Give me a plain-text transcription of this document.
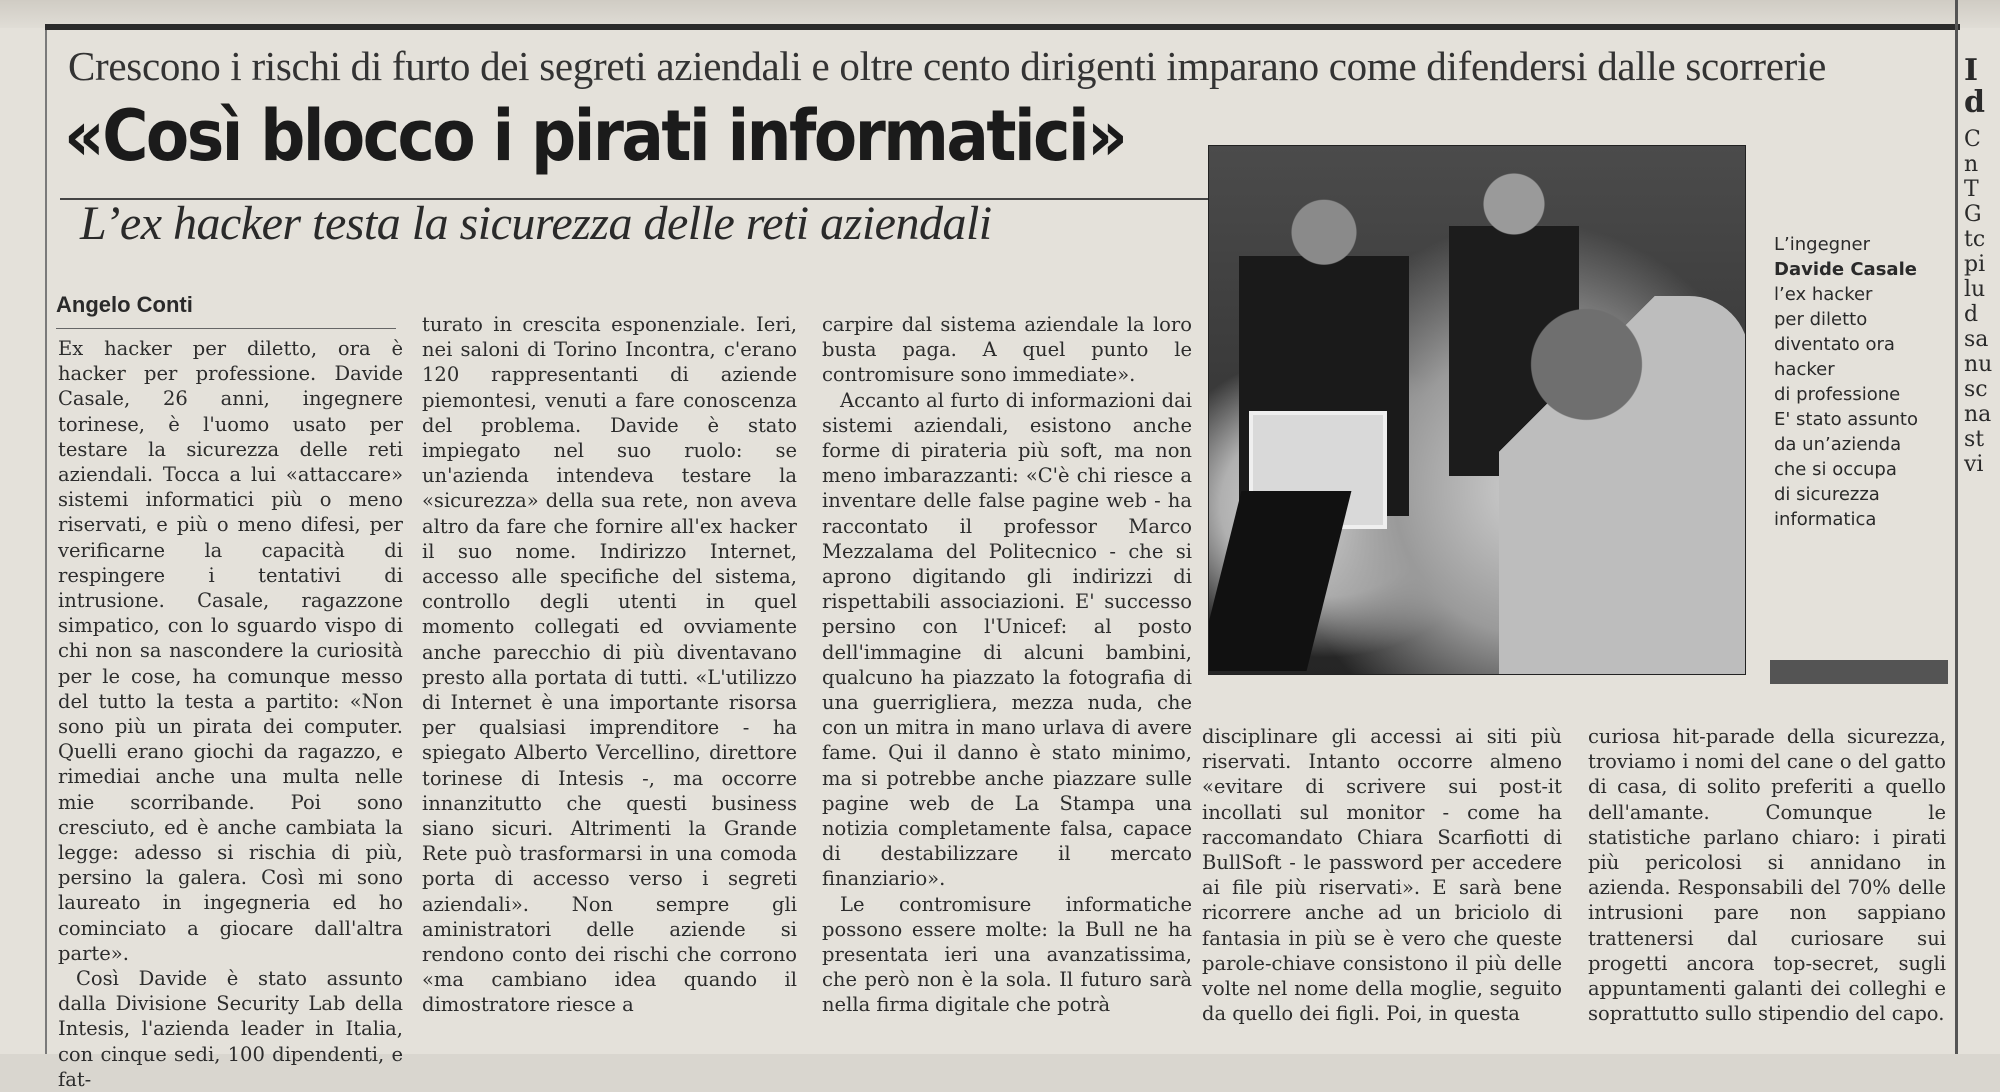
Crescono i rischi di furto dei segreti aziendali e oltre cento dirigenti imparano come difendersi dalle scorrerie
«Così blocco i pirati informatici»
L’ex hacker testa la sicurezza delle reti aziendali
Angelo Conti

Ex hacker per diletto, ora è hacker per professione. Davide Casale, 26 anni, ingegnere torinese, è l'uomo usato per testare la sicurezza delle reti aziendali. Tocca a lui «attaccare» sistemi informatici più o meno riservati, e più o meno difesi, per verificarne la capacità di respingere i tentativi di intrusione. Casale, ragazzone simpatico, con lo sguardo vispo di chi non sa nascondere la curiosità per le cose, ha comunque messo del tutto la testa a partito: «Non sono più un pirata dei computer. Quelli erano giochi da ragazzo, e rimediai anche una multa nelle mie scorribande. Poi sono cresciuto, ed è anche cambiata la legge: adesso si rischia di più, persino la galera. Così mi sono laureato in ingegneria ed ho cominciato a giocare dall'altra parte».

Così Davide è stato assunto dalla Divisione Security Lab della Intesis, l'azienda leader in Italia, con cinque sedi, 100 dipendenti, e fat-

turato in crescita esponenziale. Ieri, nei saloni di Torino Incontra, c'erano 120 rappresentanti di aziende piemontesi, venuti a fare conoscenza del problema. Davide è stato impiegato nel suo ruolo: se un'azienda intendeva testare la «sicurezza» della sua rete, non aveva altro da fare che fornire all'ex hacker il suo nome. Indirizzo Internet, accesso alle specifiche del sistema, controllo degli utenti in quel momento collegati ed ovviamente anche parecchio di più diventavano presto alla portata di tutti. «L'utilizzo di Internet è una importante risorsa per qualsiasi imprenditore - ha spiegato Alberto Vercellino, direttore torinese di Intesis -, ma occorre innanzitutto che questi business siano sicuri. Altrimenti la Grande Rete può trasformarsi in una comoda porta di accesso verso i segreti aziendali». Non sempre gli aministratori delle aziende si rendono conto dei rischi che corrono «ma cambiano idea quando il dimostratore riesce a

carpire dal sistema aziendale la loro busta paga. A quel punto le contromisure sono immediate».

Accanto al furto di informazioni dai sistemi aziendali, esistono anche forme di pirateria più soft, ma non meno imbarazzanti: «C'è chi riesce a inventare delle false pagine web - ha raccontato il professor Marco Mezzalama del Politecnico - che si aprono digitando gli indirizzi di rispettabili associazioni. E' successo persino con l'Unicef: al posto dell'immagine di alcuni bambini, qualcuno ha piazzato la fotografia di una guerrigliera, mezza nuda, che con un mitra in mano urlava di avere fame. Qui il danno è stato minimo, ma si potrebbe anche piazzare sulle pagine web de La Stampa una notizia completamente falsa, capace di destabilizzare il mercato finanziario».

Le contromisure informatiche possono essere molte: la Bull ne ha presentata ieri una avanzatissima, che però non è la sola. Il futuro sarà nella firma digitale che potrà

disciplinare gli accessi ai siti più riservati. Intanto occorre almeno «evitare di scrivere sui post-it incollati sul monitor - come ha raccomandato Chiara Scarfiotti di BullSoft - le password per accedere ai file più riservati». E sarà bene ricorrere anche ad un briciolo di fantasia in più se è vero che queste parole-chiave consistono il più delle volte nel nome della moglie, seguito da quello dei figli. Poi, in questa

curiosa hit-parade della sicurezza, troviamo i nomi del cane o del gatto di casa, di solito preferiti a quello dell'amante. Comunque le statistiche parlano chiaro: i pirati più pericolosi si annidano in azienda. Responsabili del 70% delle intrusioni pare non sappiano trattenersi dal curiosare sui progetti ancora top-secret, sugli appuntamenti galanti dei colleghi e soprattutto sullo stipendio del capo.

L’ingegner
Davide Casale
l’ex hacker
per diletto
diventato ora
hacker
di professione
E' stato assunto
da un’azienda
che si occupa
di sicurezza
informatica
I
d
C
n
T
G
tc
pi
lu
d
sa
nu
sc
na
st
vi
